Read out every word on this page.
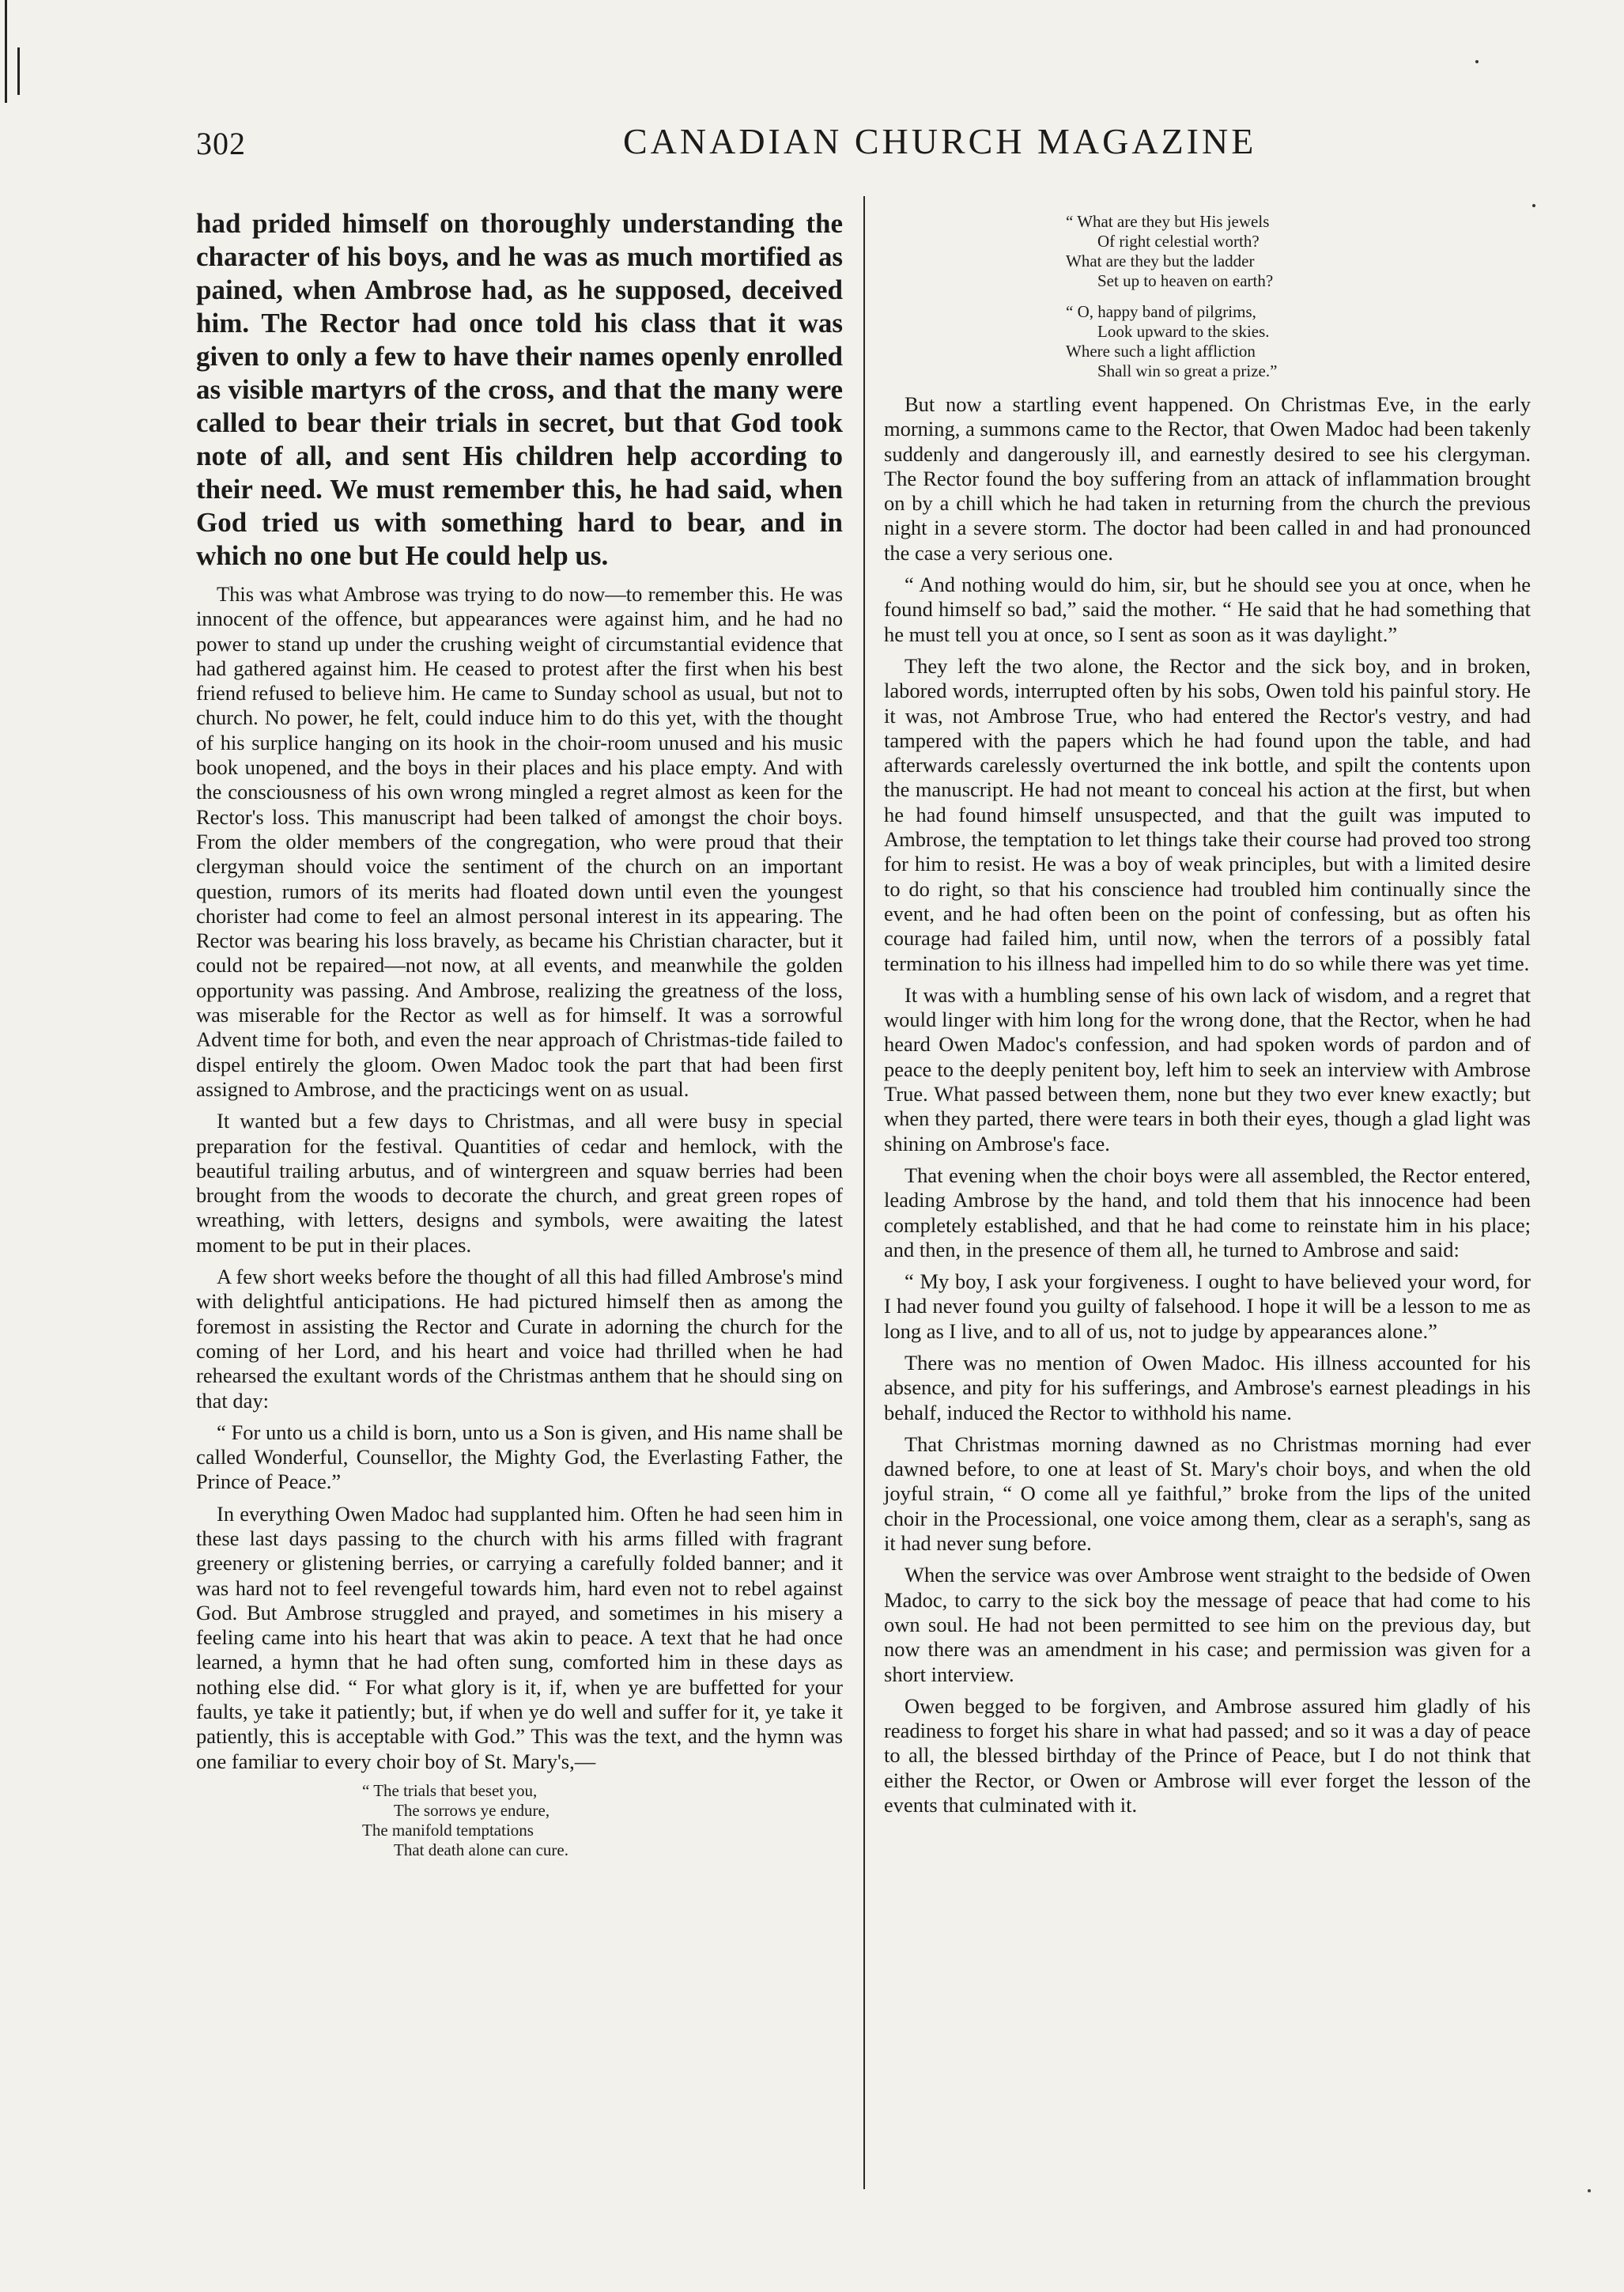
302	CANADIAN CHURCH MAGAZINE
had prided himself on thoroughly understanding the character of his boys, and he was as much mortified as pained, when Ambrose had, as he supposed, deceived him. The Rector had once told his class that it was given to only a few to have their names openly enrolled as visible martyrs of the cross, and that the many were called to bear their trials in secret, but that God took note of all, and sent His children help according to their need. We must remember this, he had said, when God tried us with something hard to bear, and in which no one but He could help us.

This was what Ambrose was trying to do now—to remember this. He was innocent of the offence, but appearances were against him, and he had no power to stand up under the crushing weight of circumstantial evidence that had gathered against him. He ceased to protest after the first when his best friend refused to believe him. He came to Sunday school as usual, but not to church. No power, he felt, could induce him to do this yet, with the thought of his surplice hanging on its hook in the choir-room unused and his music book unopened, and the boys in their places and his place empty. And with the consciousness of his own wrong mingled a regret almost as keen for the Rector's loss. This manuscript had been talked of amongst the choir boys. From the older members of the congregation, who were proud that their clergyman should voice the sentiment of the church on an important question, rumors of its merits had floated down until even the youngest chorister had come to feel an almost personal interest in its appearing. The Rector was bearing his loss bravely, as became his Christian character, but it could not be repaired—not now, at all events, and meanwhile the golden opportunity was passing. And Ambrose, realizing the greatness of the loss, was miserable for the Rector as well as for himself. It was a sorrowful Advent time for both, and even the near approach of Christmas-tide failed to dispel entirely the gloom. Owen Madoc took the part that had been first assigned to Ambrose, and the practicings went on as usual.

It wanted but a few days to Christmas, and all were busy in special preparation for the festival. Quantities of cedar and hemlock, with the beautiful trailing arbutus, and of wintergreen and squaw berries had been brought from the woods to decorate the church, and great green ropes of wreathing, with letters, designs and symbols, were awaiting the latest moment to be put in their places.

A few short weeks before the thought of all this had filled Ambrose's mind with delightful anticipations. He had pictured himself then as among the foremost in assisting the Rector and Curate in adorning the church for the coming of her Lord, and his heart and voice had thrilled when he had rehearsed the exultant words of the Christmas anthem that he should sing on that day:

“ For unto us a child is born, unto us a Son is given, and His name shall be called Wonderful, Counsellor, the Mighty God, the Everlasting Father, the Prince of Peace.”

In everything Owen Madoc had supplanted him. Often he had seen him in these last days passing to the church with his arms filled with fragrant greenery or glistening berries, or carrying a carefully folded banner; and it was hard not to feel revengeful towards him, hard even not to rebel against God. But Ambrose struggled and prayed, and sometimes in his misery a feeling came into his heart that was akin to peace. A text that he had once learned, a hymn that he had often sung, comforted him in these days as nothing else did. “ For what glory is it, if, when ye are buffetted for your faults, ye take it patiently; but, if when ye do well and suffer for it, ye take it patiently, this is acceptable with God.” This was the text, and the hymn was one familiar to every choir boy of St. Mary's,—

“ The trials that beset you,
The sorrows ye endure,
The manifold temptations
That death alone can cure.
“ What are they but His jewels
Of right celestial worth?
What are they but the ladder
Set up to heaven on earth?
“ O, happy band of pilgrims,
Look upward to the skies.
Where such a light affliction
Shall win so great a prize.”

But now a startling event happened. On Christmas Eve, in the early morning, a summons came to the Rector, that Owen Madoc had been takenly suddenly and dangerously ill, and earnestly desired to see his clergyman. The Rector found the boy suffering from an attack of inflammation brought on by a chill which he had taken in returning from the church the previous night in a severe storm. The doctor had been called in and had pronounced the case a very serious one.

“ And nothing would do him, sir, but he should see you at once, when he found himself so bad,” said the mother. “ He said that he had something that he must tell you at once, so I sent as soon as it was daylight.”

They left the two alone, the Rector and the sick boy, and in broken, labored words, interrupted often by his sobs, Owen told his painful story. He it was, not Ambrose True, who had entered the Rector's vestry, and had tampered with the papers which he had found upon the table, and had afterwards carelessly overturned the ink bottle, and spilt the contents upon the manuscript. He had not meant to conceal his action at the first, but when he had found himself unsuspected, and that the guilt was imputed to Ambrose, the temptation to let things take their course had proved too strong for him to resist. He was a boy of weak principles, but with a limited desire to do right, so that his conscience had troubled him continually since the event, and he had often been on the point of confessing, but as often his courage had failed him, until now, when the terrors of a possibly fatal termination to his illness had impelled him to do so while there was yet time.

It was with a humbling sense of his own lack of wisdom, and a regret that would linger with him long for the wrong done, that the Rector, when he had heard Owen Madoc's confession, and had spoken words of pardon and of peace to the deeply penitent boy, left him to seek an interview with Ambrose True. What passed between them, none but they two ever knew exactly; but when they parted, there were tears in both their eyes, though a glad light was shining on Ambrose's face.

That evening when the choir boys were all assembled, the Rector entered, leading Ambrose by the hand, and told them that his innocence had been completely established, and that he had come to reinstate him in his place; and then, in the presence of them all, he turned to Ambrose and said:

“ My boy, I ask your forgiveness. I ought to have believed your word, for I had never found you guilty of falsehood. I hope it will be a lesson to me as long as I live, and to all of us, not to judge by appearances alone.”

There was no mention of Owen Madoc. His illness accounted for his absence, and pity for his sufferings, and Ambrose's earnest pleadings in his behalf, induced the Rector to withhold his name.

That Christmas morning dawned as no Christmas morning had ever dawned before, to one at least of St. Mary's choir boys, and when the old joyful strain, “ O come all ye faithful,” broke from the lips of the united choir in the Processional, one voice among them, clear as a seraph's, sang as it had never sung before.

When the service was over Ambrose went straight to the bedside of Owen Madoc, to carry to the sick boy the message of peace that had come to his own soul. He had not been permitted to see him on the previous day, but now there was an amendment in his case; and permission was given for a short interview.

Owen begged to be forgiven, and Ambrose assured him gladly of his readiness to forget his share in what had passed; and so it was a day of peace to all, the blessed birthday of the Prince of Peace, but I do not think that either the Rector, or Owen or Ambrose will ever forget the lesson of the events that culminated with it.
